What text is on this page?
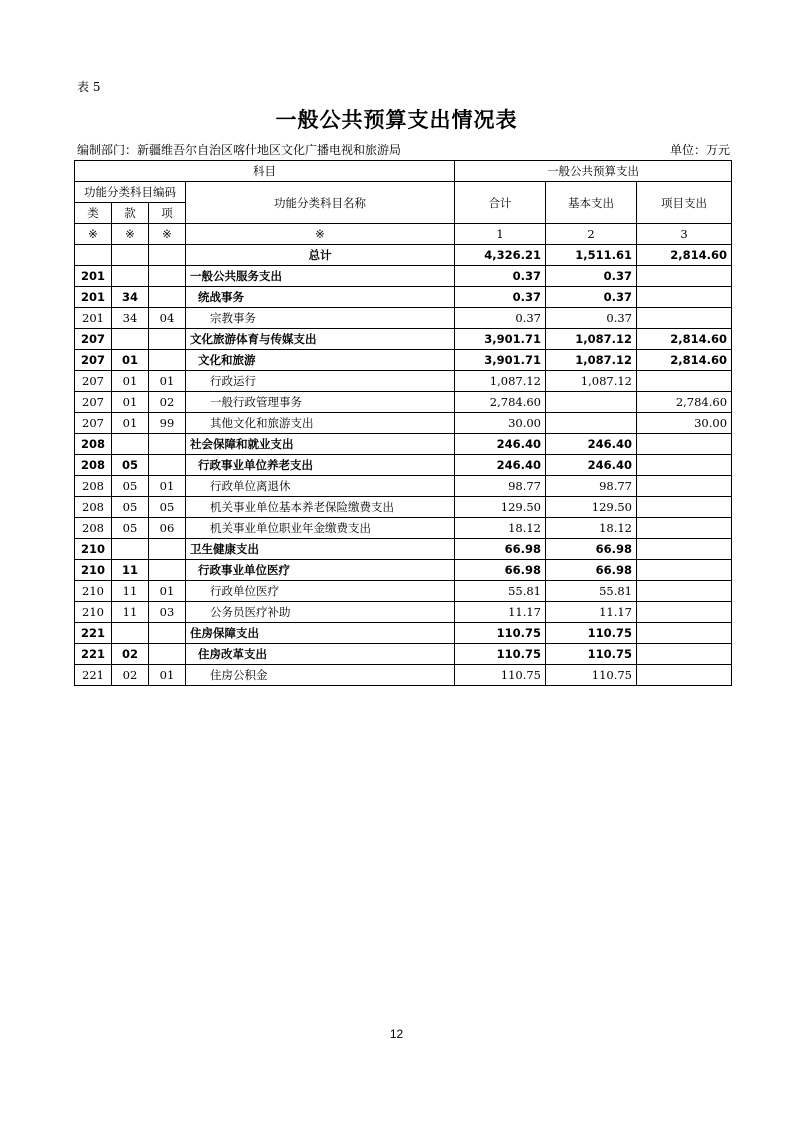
表 5
一般公共预算支出情况表
编制部门：新疆维吾尔自治区喀什地区文化广播电视和旅游局	单位：万元
科目				一般公共预算支出		
功能分类科目编码			功能分类科目名称	合计	基本支出	项目支出
类	款	项				
※	※	※	※	1	2	3
			总计	4,326.21	1,511.61	2,814.60
201			一般公共服务支出	0.37	0.37	
201	34		统战事务	0.37	0.37	
201	34	04	宗教事务	0.37	0.37	
207			文化旅游体育与传媒支出	3,901.71	1,087.12	2,814.60
207	01		文化和旅游	3,901.71	1,087.12	2,814.60
207	01	01	行政运行	1,087.12	1,087.12	
207	01	02	一般行政管理事务	2,784.60		2,784.60
207	01	99	其他文化和旅游支出	30.00		30.00
208			社会保障和就业支出	246.40	246.40	
208	05		行政事业单位养老支出	246.40	246.40	
208	05	01	行政单位离退休	98.77	98.77	
208	05	05	机关事业单位基本养老保险缴费支出	129.50	129.50	
208	05	06	机关事业单位职业年金缴费支出	18.12	18.12	
210			卫生健康支出	66.98	66.98	
210	11		行政事业单位医疗	66.98	66.98	
210	11	01	行政单位医疗	55.81	55.81	
210	11	03	公务员医疗补助	11.17	11.17	
221			住房保障支出	110.75	110.75	
221	02		住房改革支出	110.75	110.75	
221	02	01	住房公积金	110.75	110.75	
12
